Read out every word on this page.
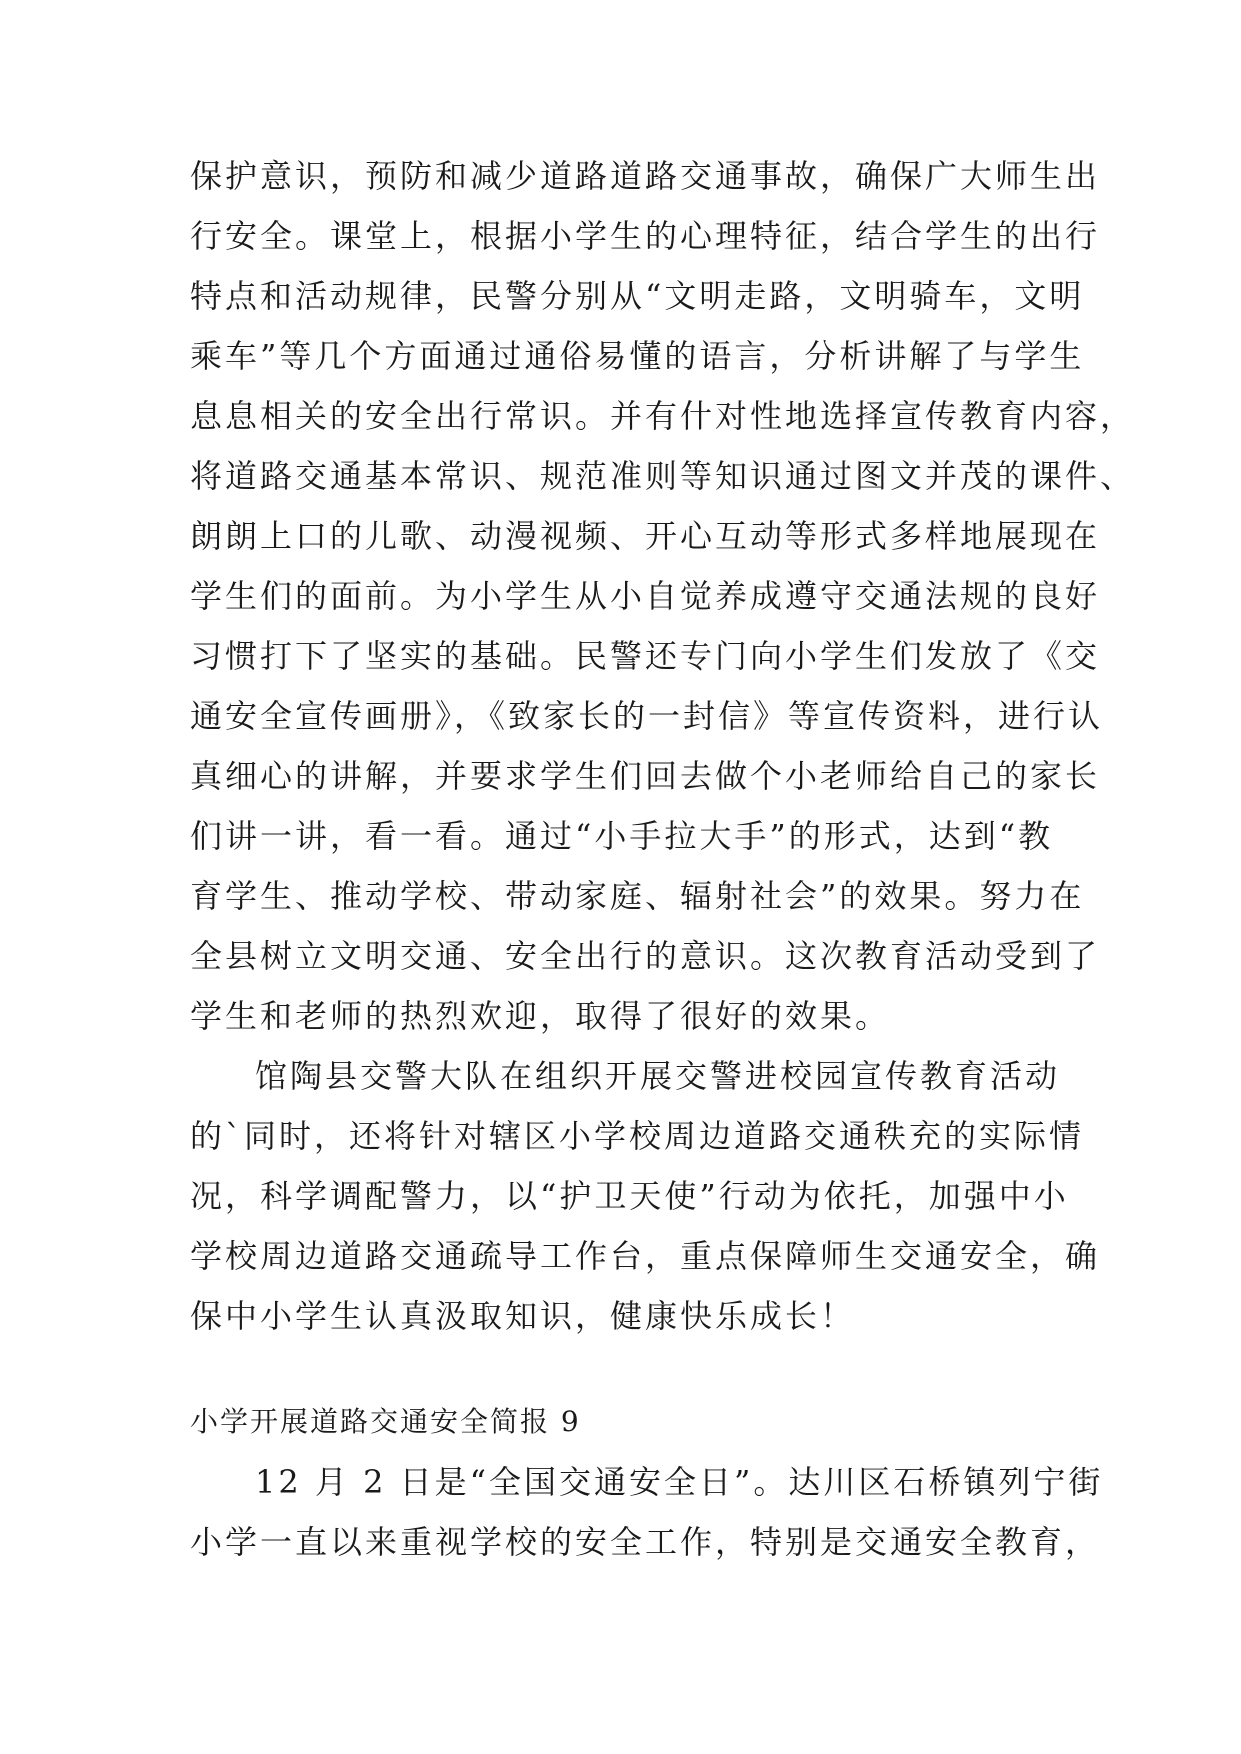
保护意识，预防和减少道路道路交通事故，确保广大师生出
行安全。课堂上，根据小学生的心理特征，结合学生的出行
特点和活动规律，民警分别从“文明走路，文明骑车，文明
乘车”等几个方面通过通俗易懂的语言，分析讲解了与学生
息息相关的安全出行常识。并有什对性地选择宣传教育内容，
将道路交通基本常识、规范准则等知识通过图文并茂的课件、
朗朗上口的儿歌、动漫视频、开心互动等形式多样地展现在
学生们的面前。为小学生从小自觉养成遵守交通法规的良好
习惯打下了坚实的基础。民警还专门向小学生们发放了《交
通安全宣传画册》，《致家长的一封信》等宣传资料，进行认
真细心的讲解，并要求学生们回去做个小老师给自己的家长
们讲一讲，看一看。通过“小手拉大手”的形式，达到“教
育学生、推动学校、带动家庭、辐射社会”的效果。努力在
全县树立文明交通、安全出行的意识。这次教育活动受到了
学生和老师的热烈欢迎，取得了很好的效果。
馆陶县交警大队在组织开展交警进校园宣传教育活动
的`同时，还将针对辖区小学校周边道路交通秩充的实际情
况，科学调配警力，以“护卫天使”行动为依托，加强中小
学校周边道路交通疏导工作台，重点保障师生交通安全，确
保中小学生认真汲取知识，健康快乐成长！
小学开展道路交通安全简报 9
12 月 2 日是“全国交通安全日”。达川区石桥镇列宁街
小学一直以来重视学校的安全工作，特别是交通安全教育，
